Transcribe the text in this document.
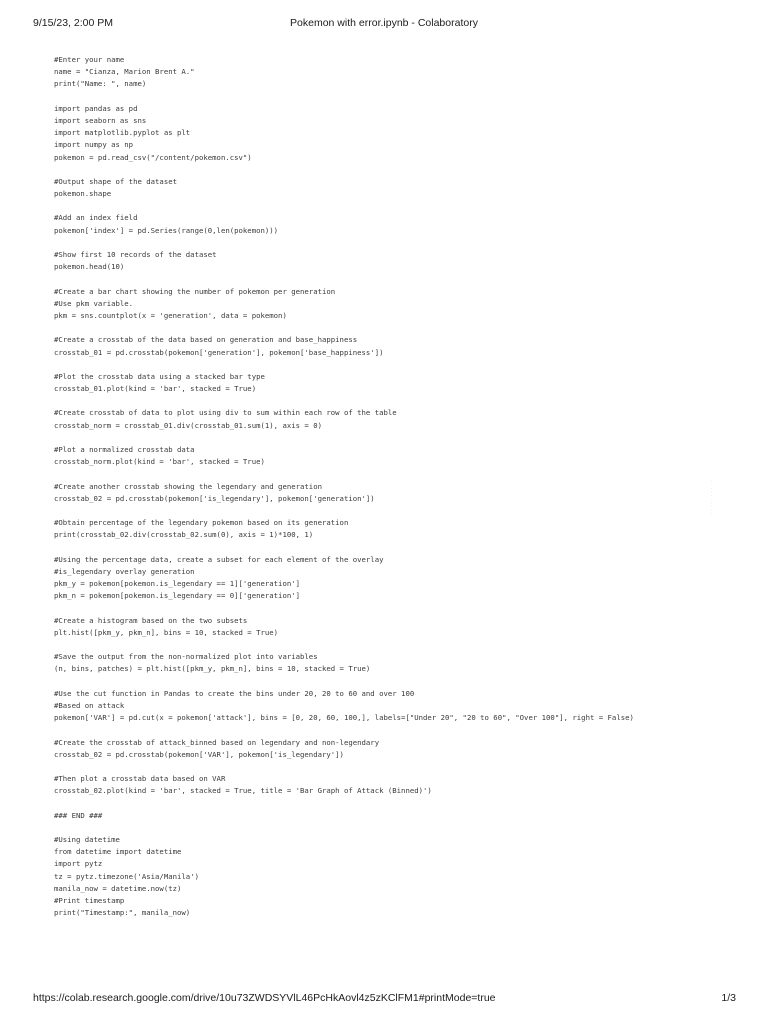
9/15/23, 2:00 PM	Pokemon with error.ipynb - Colaboratory
#Enter your name
name = "Cianza, Marion Brent A."
print("Name: ", name)
import pandas as pd
import seaborn as sns
import matplotlib.pyplot as plt
import numpy as np
pokemon = pd.read_csv("/content/pokemon.csv")
#Output shape of the dataset
pokemon.shape
#Add an index field
pokemon['index'] = pd.Series(range(0,len(pokemon)))
#Show first 10 records of the dataset
pokemon.head(10)
#Create a bar chart showing the number of pokemon per generation
#Use pkm variable.
pkm = sns.countplot(x = 'generation', data = pokemon)
#Create a crosstab of the data based on generation and base_happiness
crosstab_01 = pd.crosstab(pokemon['generation'], pokemon['base_happiness'])
#Plot the crosstab data using a stacked bar type
crosstab_01.plot(kind = 'bar', stacked = True)
#Create crosstab of data to plot using div to sum within each row of the table
crosstab_norm = crosstab_01.div(crosstab_01.sum(1), axis = 0)
#Plot a normalized crosstab data
crosstab_norm.plot(kind = 'bar', stacked = True)
#Create another crosstab showing the legendary and generation
crosstab_02 = pd.crosstab(pokemon['is_legendary'], pokemon['generation'])
#Obtain percentage of the legendary pokemon based on its generation
print(crosstab_02.div(crosstab_02.sum(0), axis = 1)*100, 1)
#Using the percentage data, create a subset for each element of the overlay
#is_legendary overlay generation
pkm_y = pokemon[pokemon.is_legendary == 1]['generation']
pkm_n = pokemon[pokemon.is_legendary == 0]['generation']
#Create a histogram based on the two subsets
plt.hist([pkm_y, pkm_n], bins = 10, stacked = True)
#Save the output from the non-normalized plot into variables
(n, bins, patches) = plt.hist([pkm_y, pkm_n], bins = 10, stacked = True)
#Use the cut function in Pandas to create the bins under 20, 20 to 60 and over 100
#Based on attack
pokemon['VAR'] = pd.cut(x = pokemon['attack'], bins = [0, 20, 60, 100,], labels=["Under 20", "20 to 60", "Over 100"], right = False)
#Create the crosstab of attack_binned based on legendary and non-legendary
crosstab_02 = pd.crosstab(pokemon['VAR'], pokemon['is_legendary'])
#Then plot a crosstab data based on VAR
crosstab_02.plot(kind = 'bar', stacked = True, title = 'Bar Graph of Attack (Binned)')
### END ###
#Using datetime
from datetime import datetime
import pytz
tz = pytz.timezone('Asia/Manila')
manila_now = datetime.now(tz)
#Print timestamp
print("Timestamp:", manila_now)
· · · · · · · · · ·
https://colab.research.google.com/drive/10u73ZWDSYVlL46PcHkAovl4z5zKClFM1#printMode=true	1/3
